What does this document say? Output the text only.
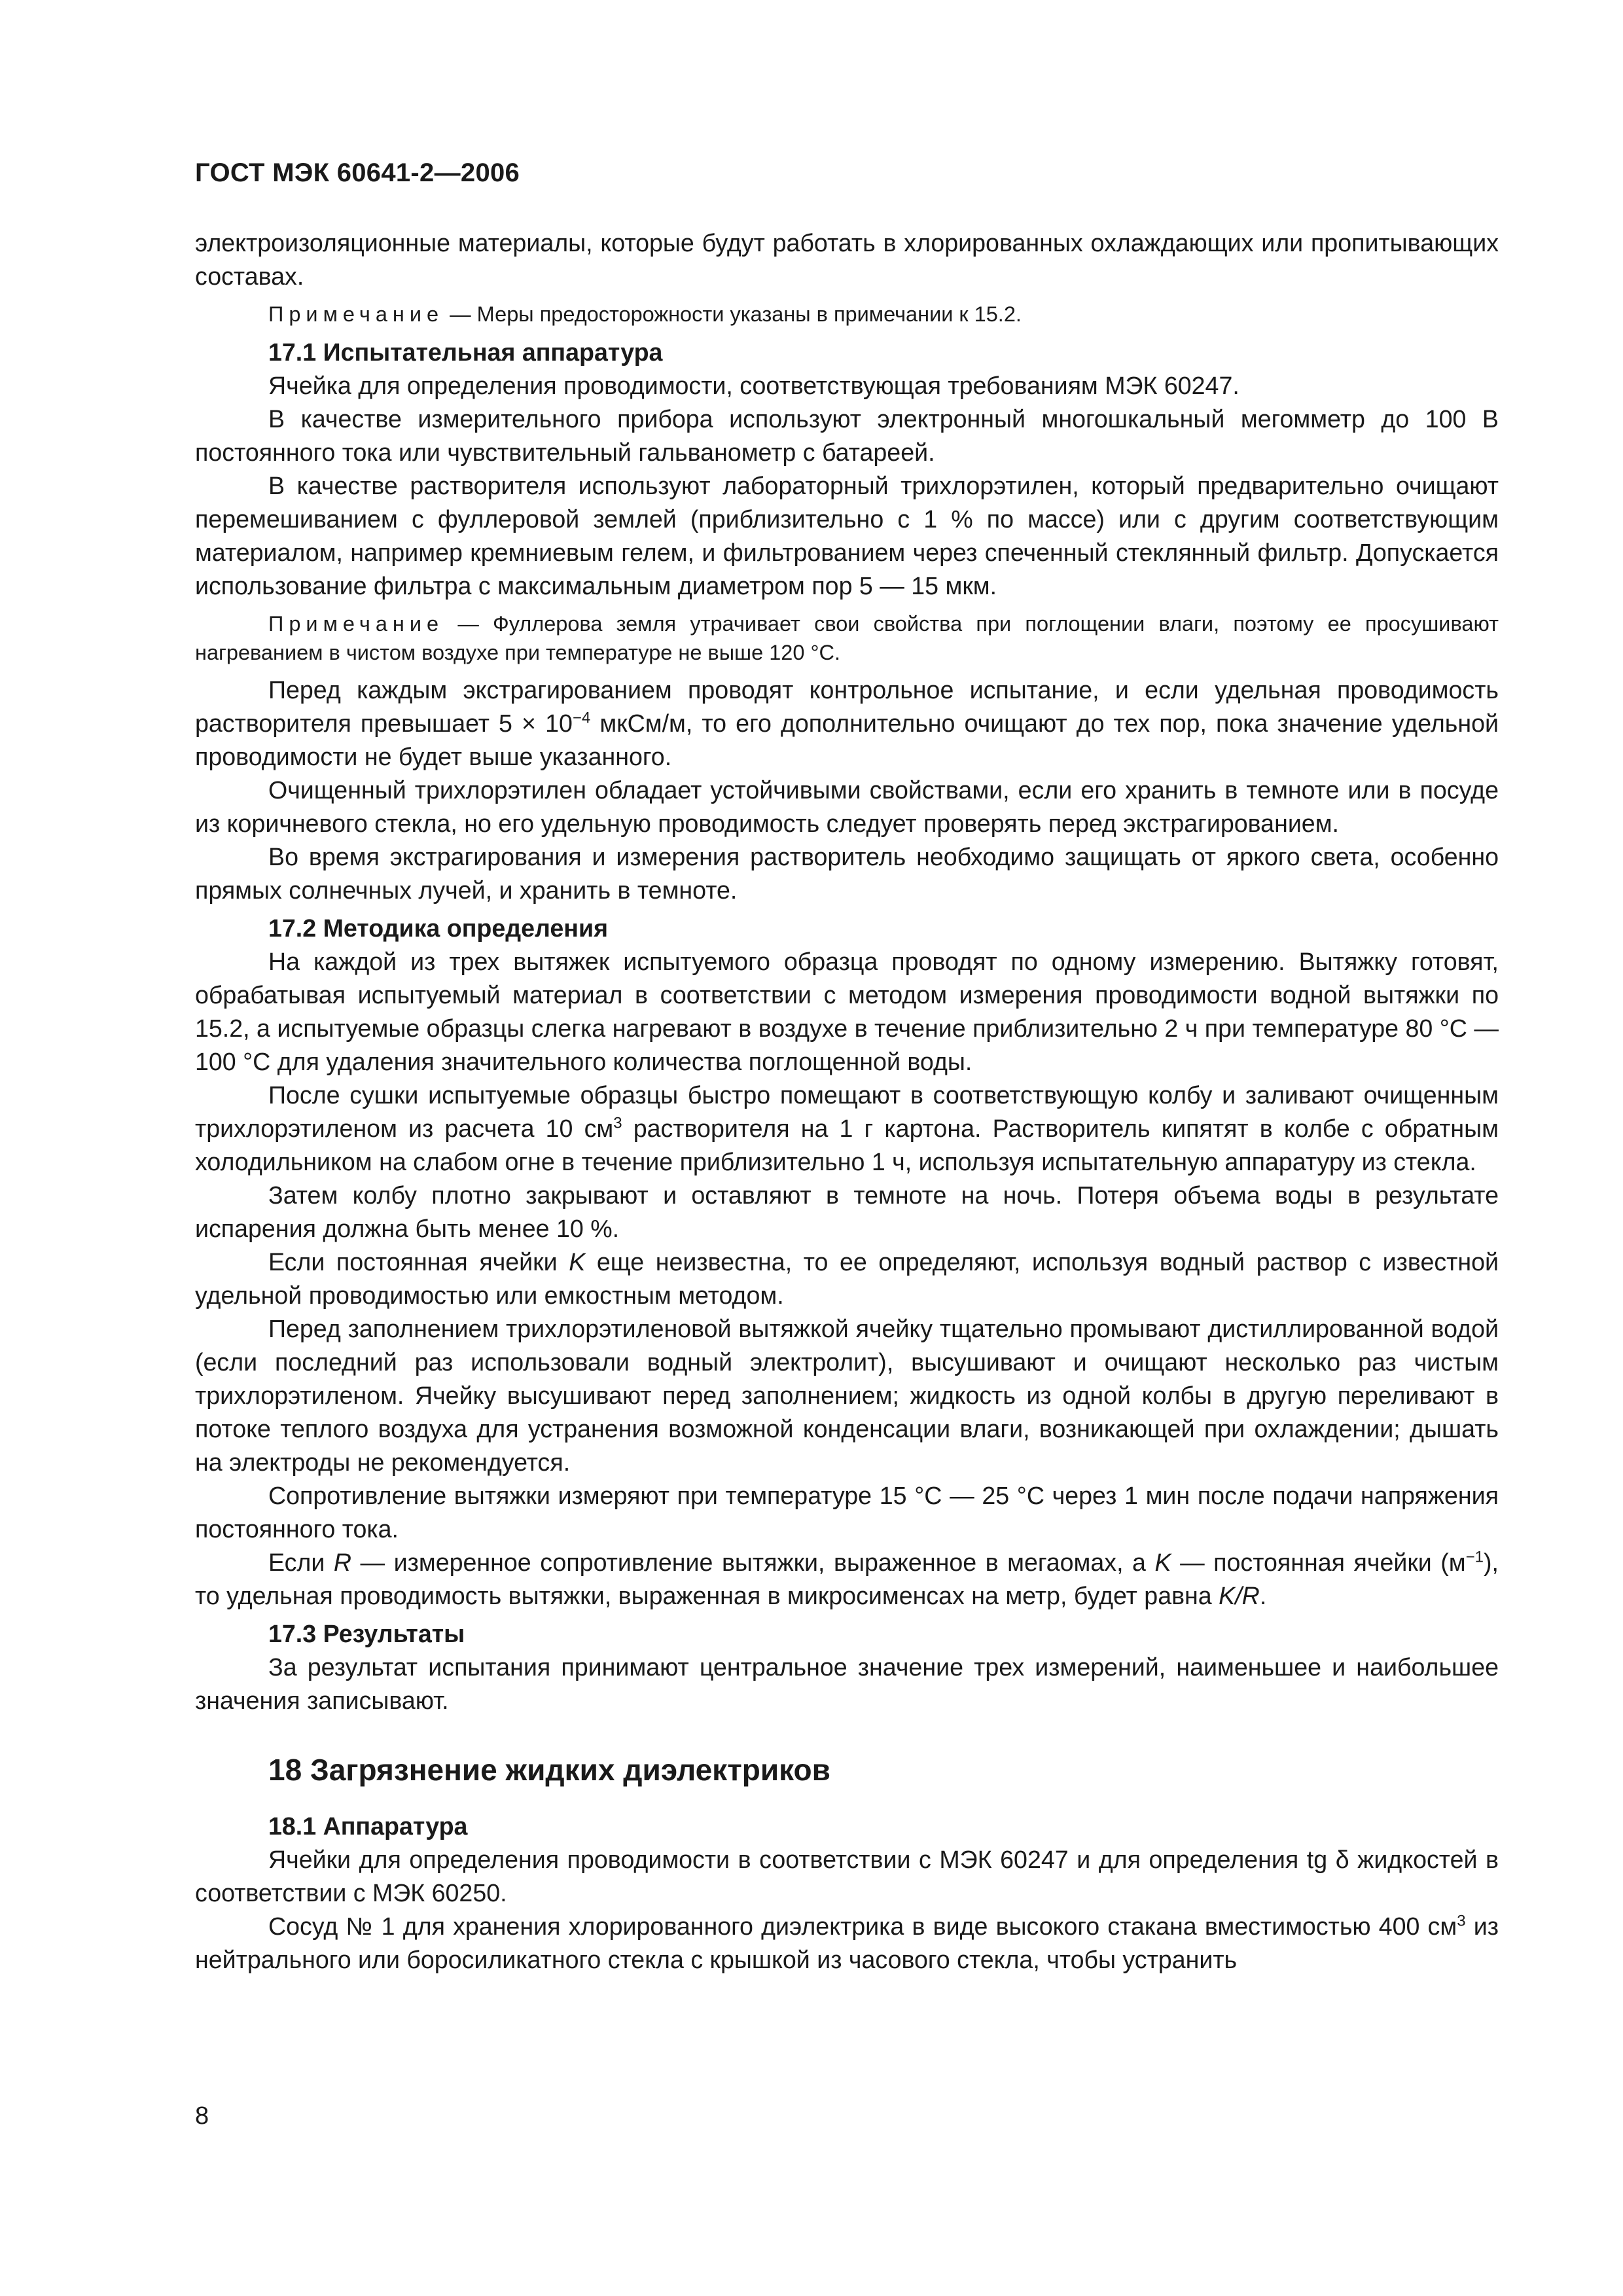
ГОСТ МЭК 60641-2—2006

электроизоляционные материалы, которые будут работать в хлорированных охлаждающих или пропитывающих составах.

Примечание — Меры предосторожности указаны в примечании к 15.2.

17.1 Испытательная аппаратура

Ячейка для определения проводимости, соответствующая требованиям МЭК 60247.

В качестве измерительного прибора используют электронный многошкальный мегомметр до 100 В постоянного тока или чувствительный гальванометр с батареей.

В качестве растворителя используют лабораторный трихлорэтилен, который предварительно очищают перемешиванием с фуллеровой землей (приблизительно с 1 % по массе) или с другим соответствующим материалом, например кремниевым гелем, и фильтрованием через спеченный стеклянный фильтр. Допускается использование фильтра с максимальным диаметром пор 5 — 15 мкм.

Примечание — Фуллерова земля утрачивает свои свойства при поглощении влаги, поэтому ее просушивают нагреванием в чистом воздухе при температуре не выше 120 °С.

Перед каждым экстрагированием проводят контрольное испытание, и если удельная проводимость растворителя превышает $5 \times 10^{-4}$ мкСм/м, то его дополнительно очищают до тех пор, пока значение удельной проводимости не будет выше указанного.

Очищенный трихлорэтилен обладает устойчивыми свойствами, если его хранить в темноте или в посуде из коричневого стекла, но его удельную проводимость следует проверять перед экстрагированием.

Во время экстрагирования и измерения растворитель необходимо защищать от яркого света, особенно прямых солнечных лучей, и хранить в темноте.

17.2 Методика определения

На каждой из трех вытяжек испытуемого образца проводят по одному измерению. Вытяжку готовят, обрабатывая испытуемый материал в соответствии с методом измерения проводимости водной вытяжки по 15.2, а испытуемые образцы слегка нагревают в воздухе в течение приблизительно 2 ч при температуре 80 °С — 100 °С для удаления значительного количества поглощенной воды.

После сушки испытуемые образцы быстро помещают в соответствующую колбу и заливают очищенным трихлорэтиленом из расчета 10 $см^3$ растворителя на 1 г картона. Растворитель кипятят в колбе с обратным холодильником на слабом огне в течение приблизительно 1 ч, используя испытательную аппаратуру из стекла.

Затем колбу плотно закрывают и оставляют в темноте на ночь. Потеря объема воды в результате испарения должна быть менее 10 %.

Если постоянная ячейки K еще неизвестна, то ее определяют, используя водный раствор с известной удельной проводимостью или емкостным методом.

Перед заполнением трихлорэтиленовой вытяжкой ячейку тщательно промывают дистиллированной водой (если последний раз использовали водный электролит), высушивают и очищают несколько раз чистым трихлорэтиленом. Ячейку высушивают перед заполнением; жидкость из одной колбы в другую переливают в потоке теплого воздуха для устранения возможной конденсации влаги, возникающей при охлаждении; дышать на электроды не рекомендуется.

Сопротивление вытяжки измеряют при температуре 15 °С — 25 °С через 1 мин после подачи напряжения постоянного тока.

Если R — измеренное сопротивление вытяжки, выраженное в мегаомах, а K — постоянная ячейки $(м^{-1})$, то удельная проводимость вытяжки, выраженная в микросименсах на метр, будет равна K/R.

17.3 Результаты

За результат испытания принимают центральное значение трех измерений, наименьшее и наибольшее значения записывают.

18 Загрязнение жидких диэлектриков
18.1 Аппаратура

Ячейки для определения проводимости в соответствии с МЭК 60247 и для определения tg δ жидкостей в соответствии с МЭК 60250.

Сосуд № 1 для хранения хлорированного диэлектрика в виде высокого стакана вместимостью 400 $см^3$ из нейтрального или боросиликатного стекла с крышкой из часового стекла, чтобы устранить

8
